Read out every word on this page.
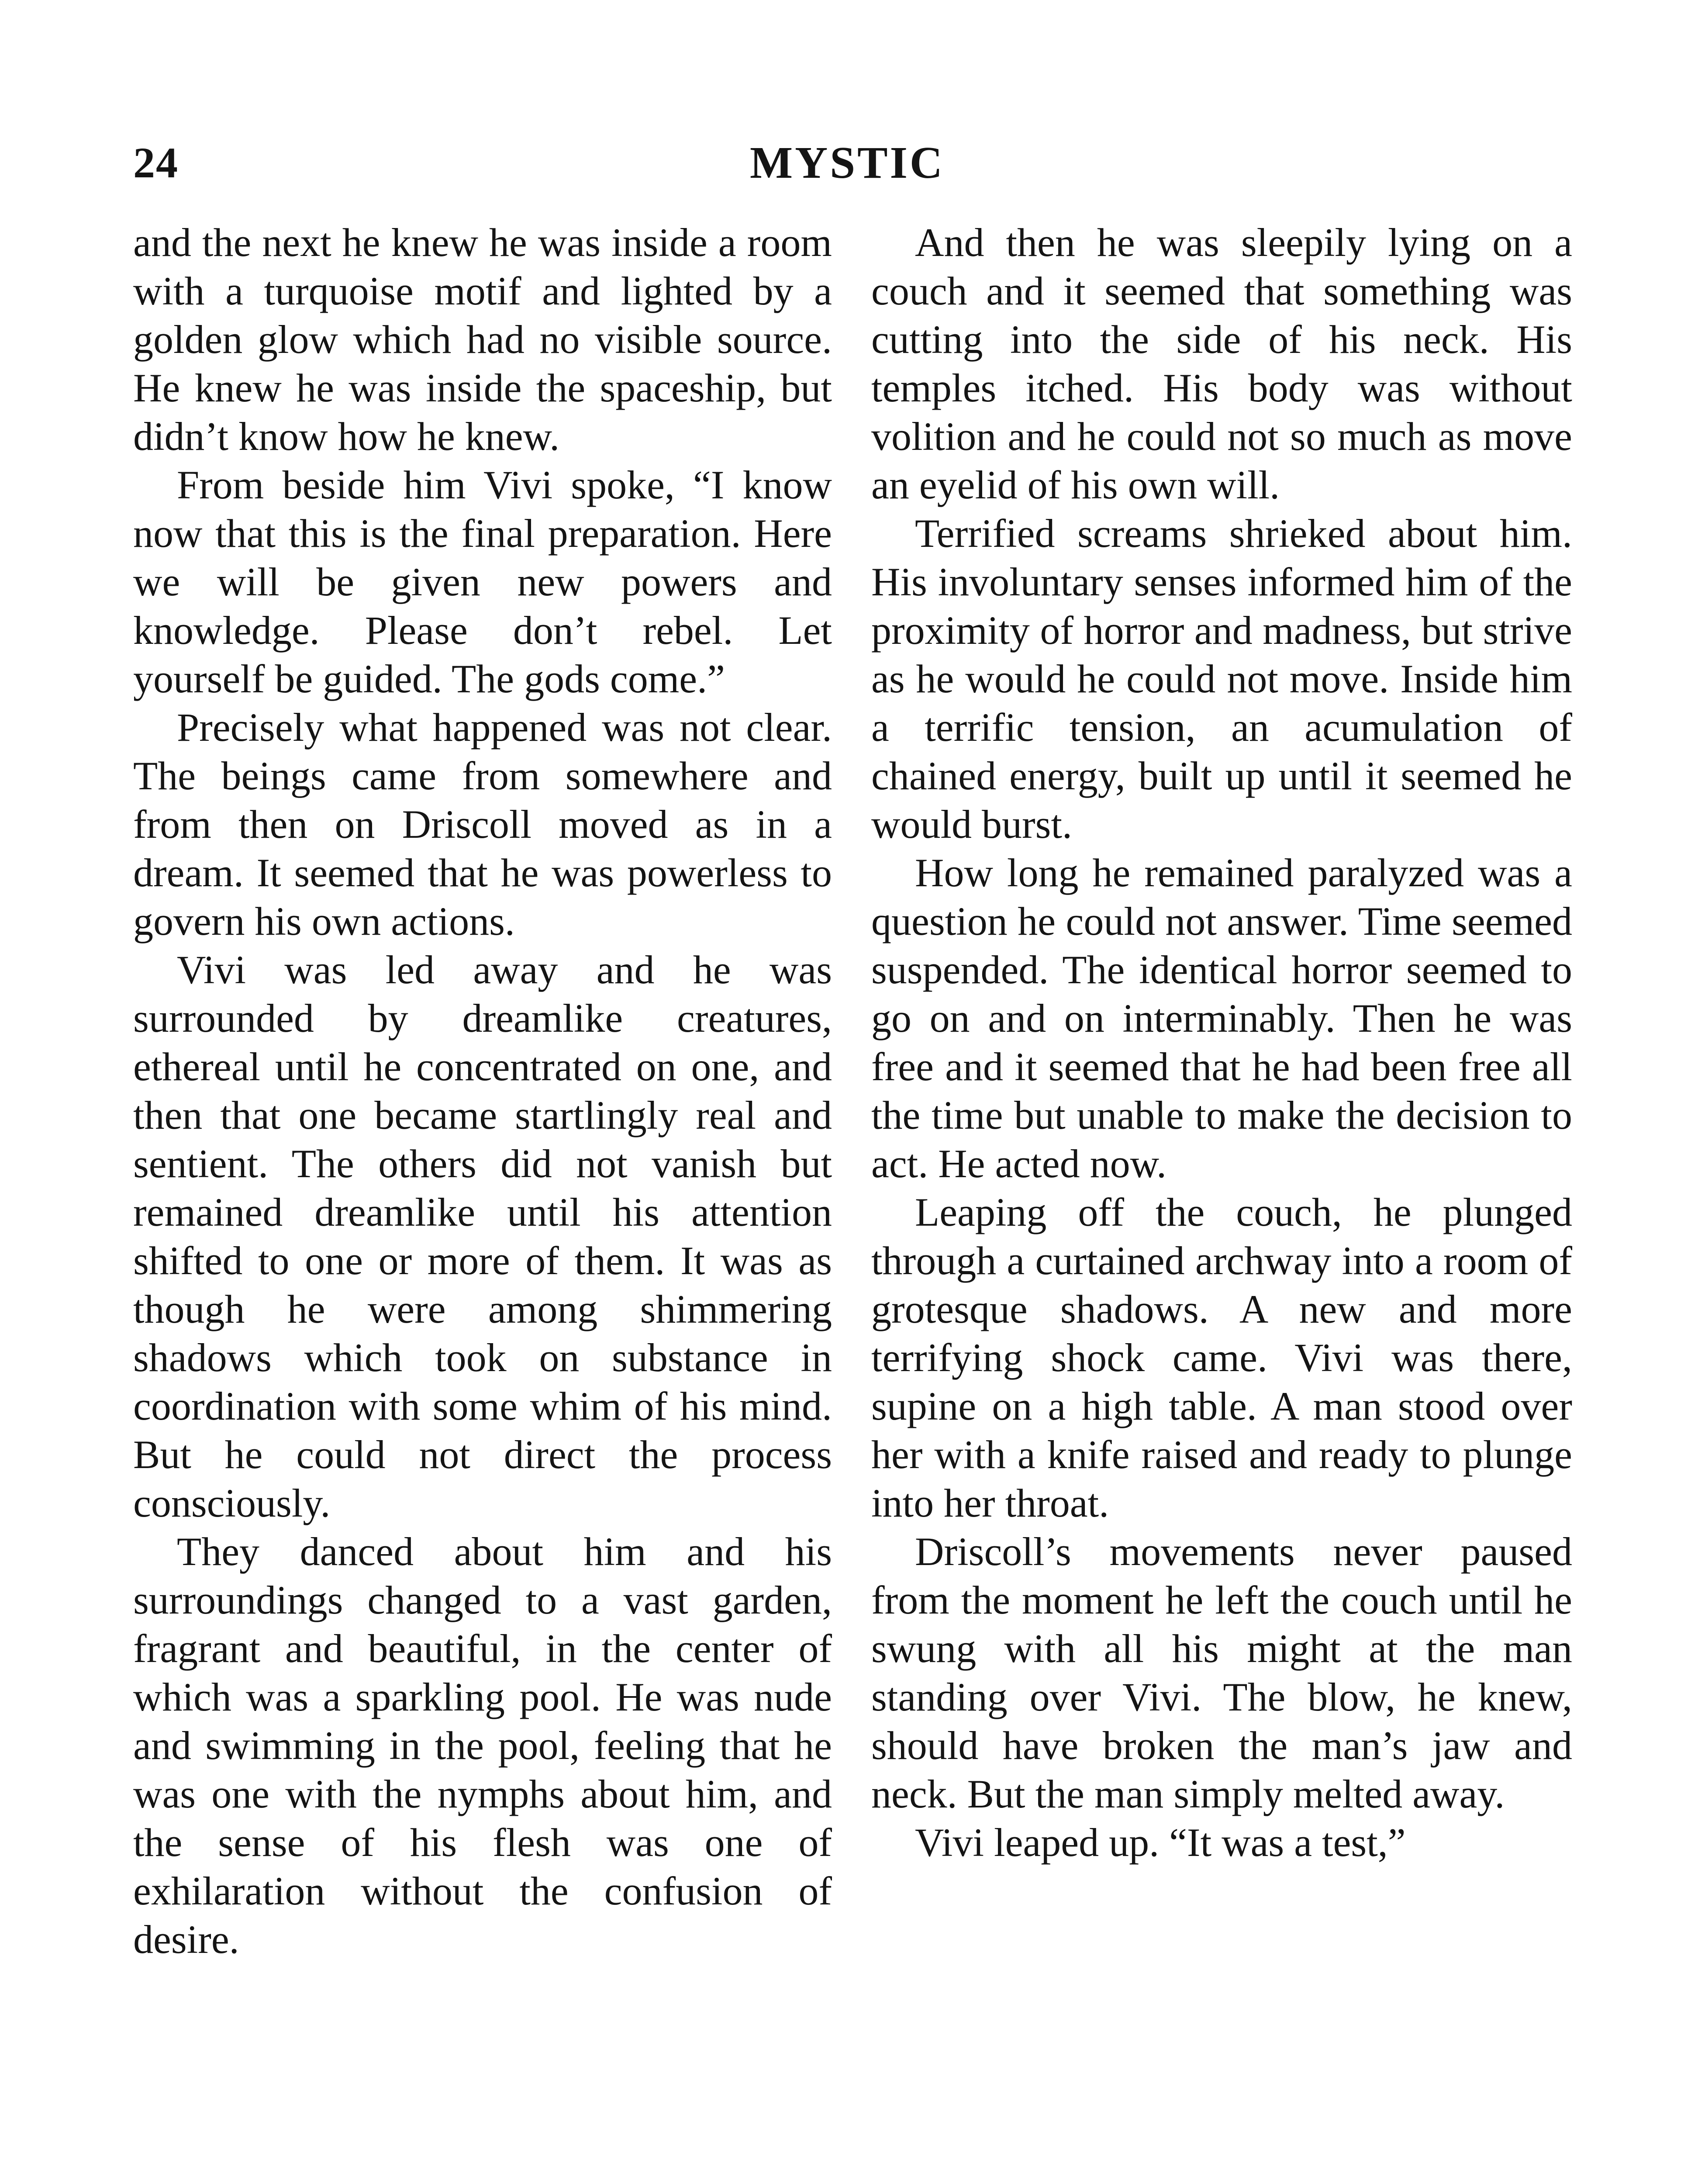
24	MYSTIC

and the next he knew he was inside a room with a turquoise motif and lighted by a golden glow which had no visible source. He knew he was inside the spaceship, but didn’t know how he knew.

From beside him Vivi spoke, “I know now that this is the final preparation. Here we will be given new powers and knowledge. Please don’t rebel. Let yourself be guided. The gods come.”

Precisely what happened was not clear. The beings came from somewhere and from then on Driscoll moved as in a dream. It seemed that he was powerless to govern his own actions.

Vivi was led away and he was surrounded by dreamlike creatures, ethereal until he concentrated on one, and then that one became startlingly real and sentient. The others did not vanish but remained dreamlike until his attention shifted to one or more of them. It was as though he were among shimmering shadows which took on substance in coordination with some whim of his mind. But he could not direct the process consciously.

They danced about him and his surroundings changed to a vast garden, fragrant and beautiful, in the center of which was a sparkling pool. He was nude and swimming in the pool, feeling that he was one with the nymphs about him, and the sense of his flesh was one of exhilaration without the confusion of desire.

And then he was sleepily lying on a couch and it seemed that something was cutting into the side of his neck. His temples itched. His body was without volition and he could not so much as move an eyelid of his own will.

Terrified screams shrieked about him. His involuntary senses informed him of the proximity of horror and madness, but strive as he would he could not move. Inside him a terrific tension, an acumulation of chained energy, built up until it seemed he would burst.

How long he remained paralyzed was a question he could not answer. Time seemed suspended. The identical horror seemed to go on and on interminably. Then he was free and it seemed that he had been free all the time but unable to make the decision to act. He acted now.

Leaping off the couch, he plunged through a curtained archway into a room of grotesque shadows. A new and more terrifying shock came. Vivi was there, supine on a high table. A man stood over her with a knife raised and ready to plunge into her throat.

Driscoll’s movements never paused from the moment he left the couch until he swung with all his might at the man standing over Vivi. The blow, he knew, should have broken the man’s jaw and neck. But the man simply melted away.

Vivi leaped up. “It was a test,”
